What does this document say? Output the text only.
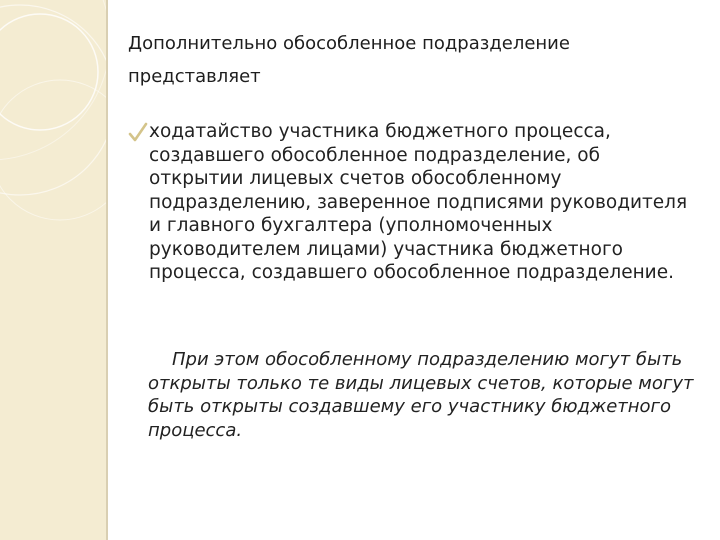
Дополнительно обособленное подразделение представляет

ходатайство участника бюджетного процесса, создавшего обособленное подразделение, об открытии лицевых счетов обособленному подразделению, заверенное подписями руководителя и главного бухгалтера (уполномоченных руководителем лицами) участника бюджетного процесса, создавшего обособленное подразделение.

При этом обособленному подразделению могут быть открыты только те виды лицевых счетов, которые могут быть открыты создавшему его участнику бюджетного процесса.
